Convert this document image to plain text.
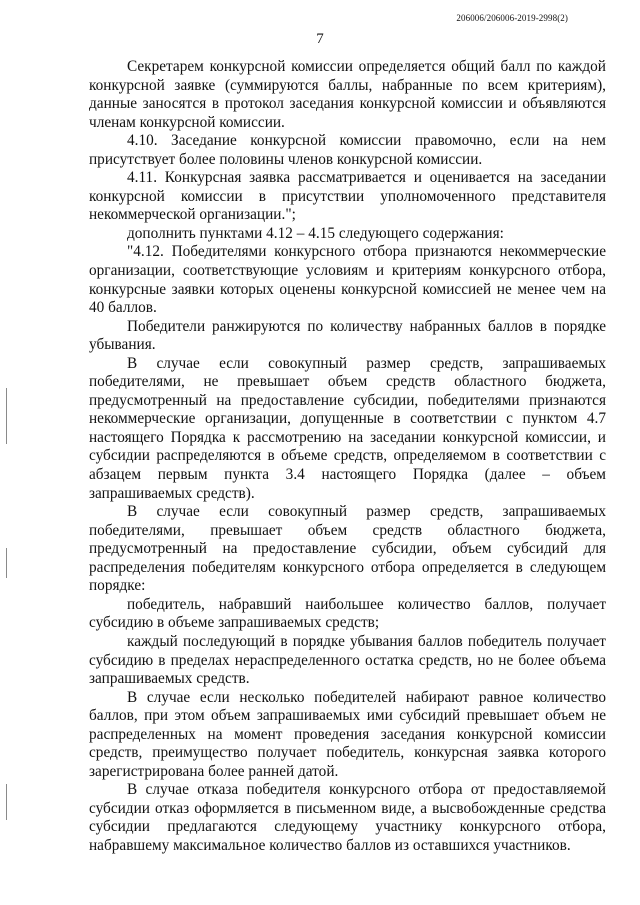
206006/206006-2019-2998(2)
7

Секретарем конкурсной комиссии определяется общий балл по каждой конкурсной заявке (суммируются баллы, набранные по всем критериям), данные заносятся в протокол заседания конкурсной комиссии и объявляются членам конкурсной комиссии.

4.10. Заседание конкурсной комиссии правомочно, если на нем присутствует более половины членов конкурсной комиссии.

4.11. Конкурсная заявка рассматривается и оценивается на заседании конкурсной комиссии в присутствии уполномоченного представителя некоммерческой организации.";

дополнить пунктами 4.12 – 4.15 следующего содержания:

"4.12. Победителями конкурсного отбора признаются некоммерческие организации, соответствующие условиям и критериям конкурсного отбора, конкурсные заявки которых оценены конкурсной комиссией не менее чем на 40 баллов.

Победители ранжируются по количеству набранных баллов в порядке убывания.

В случае если совокупный размер средств, запрашиваемых победителями, не превышает объем средств областного бюджета, предусмотренный на предоставление субсидии, победителями признаются некоммерческие организации, допущенные в соответствии с пунктом 4.7 настоящего Порядка к рассмотрению на заседании конкурсной комиссии, и субсидии распределяются в объеме средств, определяемом в соответствии с абзацем первым пункта 3.4 настоящего Порядка (далее – объем запрашиваемых средств).

В случае если совокупный размер средств, запрашиваемых победителями, превышает объем средств областного бюджета, предусмотренный на предоставление субсидии, объем субсидий для распределения победителям конкурсного отбора определяется в следующем порядке:

победитель, набравший наибольшее количество баллов, получает субсидию в объеме запрашиваемых средств;

каждый последующий в порядке убывания баллов победитель получает субсидию в пределах нераспределенного остатка средств, но не более объема запрашиваемых средств.

В случае если несколько победителей набирают равное количество баллов, при этом объем запрашиваемых ими субсидий превышает объем не распределенных на момент проведения заседания конкурсной комиссии средств, преимущество получает победитель, конкурсная заявка которого зарегистрирована более ранней датой.

В случае отказа победителя конкурсного отбора от предоставляемой субсидии отказ оформляется в письменном виде, а высвобожденные средства субсидии предлагаются следующему участнику конкурсного отбора, набравшему максимальное количество баллов из оставшихся участников.
